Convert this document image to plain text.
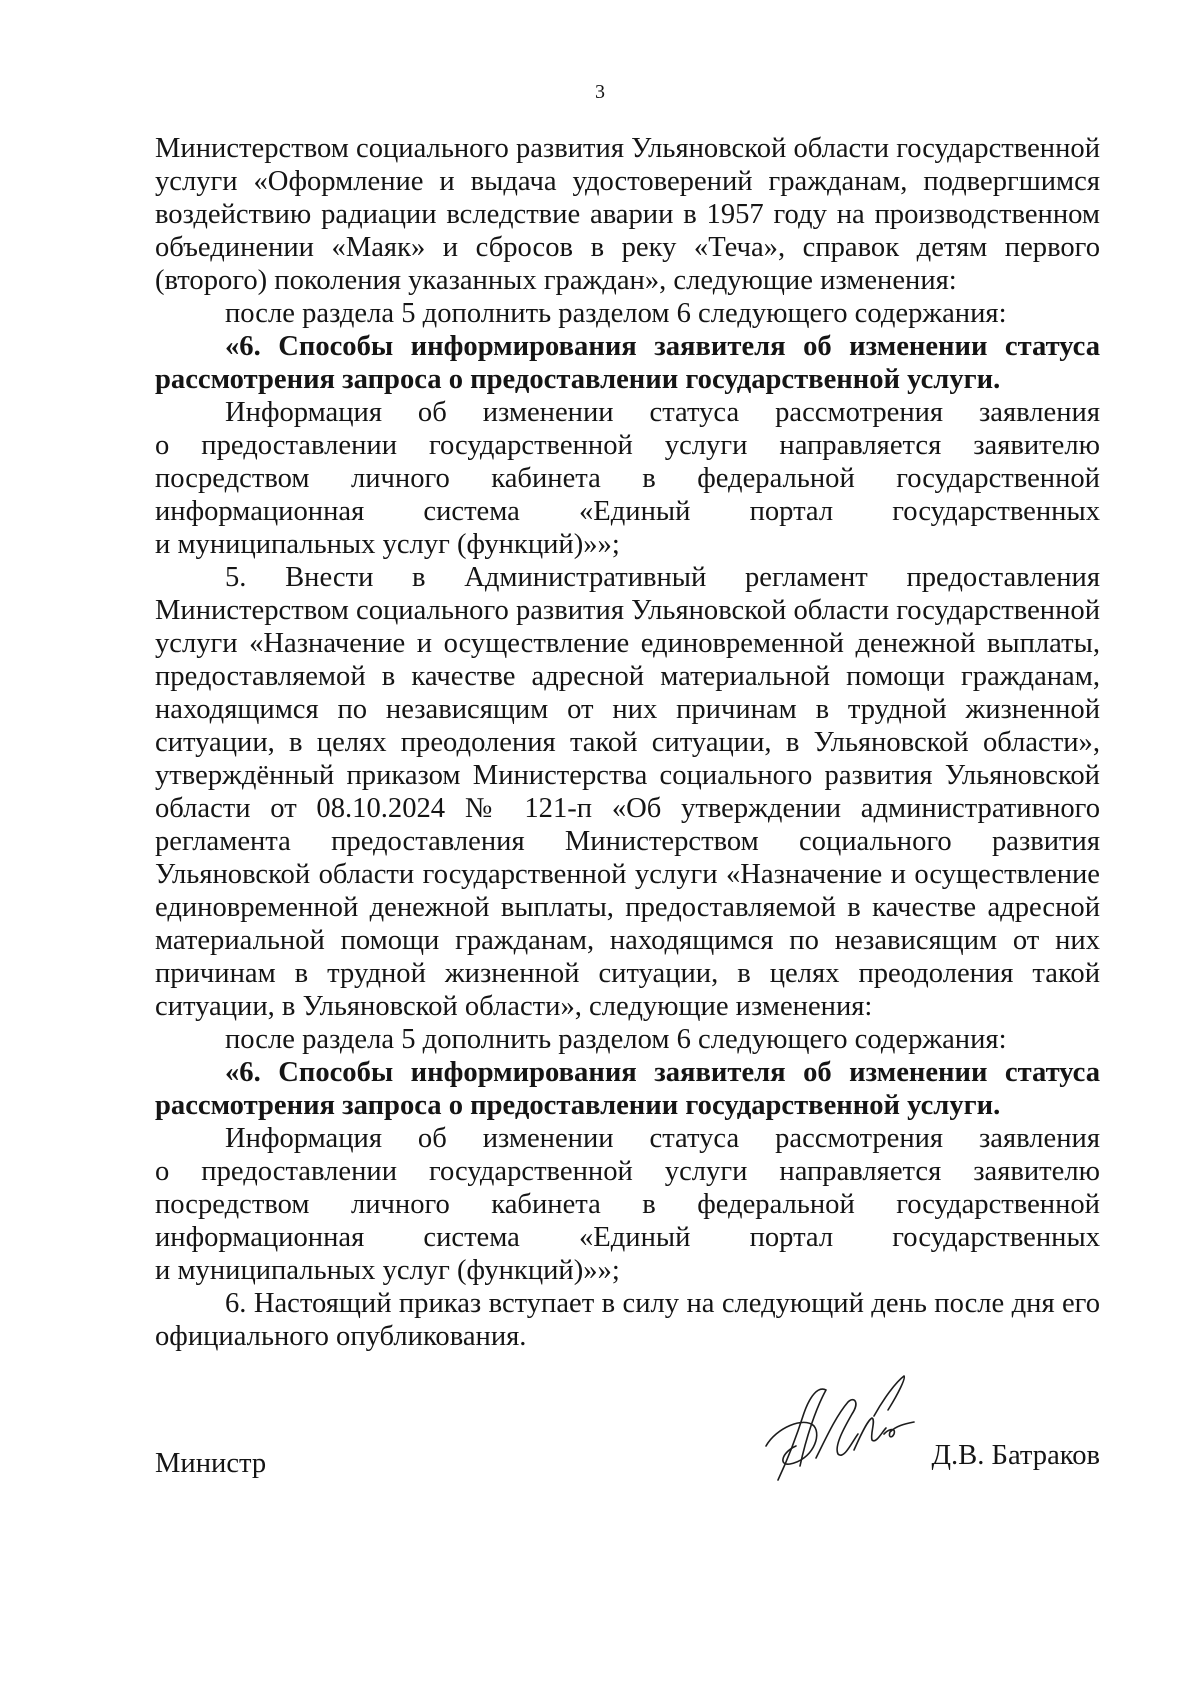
3
Министерством социального развития Ульяновской области государственной
услуги «Оформление и выдача удостоверений гражданам, подвергшимся
воздействию радиации вследствие аварии в 1957 году на производственном
объединении «Маяк» и сбросов в реку «Теча», справок детям первого
(второго) поколения указанных граждан», следующие изменения:
после раздела 5 дополнить разделом 6 следующего содержания:
«6. Способы информирования заявителя об изменении статуса
рассмотрения запроса о предоставлении государственной услуги.
Информация об изменении статуса рассмотрения заявления
о предоставлении государственной услуги направляется заявителю
посредством личного кабинета в федеральной государственной
информационная система «Единый портал государственных
и муниципальных услуг (функций)»»;
5. Внести в Административный регламент предоставления
Министерством социального развития Ульяновской области государственной
услуги «Назначение и осуществление единовременной денежной выплаты,
предоставляемой в качестве адресной материальной помощи гражданам,
находящимся по независящим от них причинам в трудной жизненной
ситуации, в целях преодоления такой ситуации, в Ульяновской области»,
утверждённый приказом Министерства социального развития Ульяновской
области от 08.10.2024 № 121-п «Об утверждении административного
регламента предоставления Министерством социального развития
Ульяновской области государственной услуги «Назначение и осуществление
единовременной денежной выплаты, предоставляемой в качестве адресной
материальной помощи гражданам, находящимся по независящим от них
причинам в трудной жизненной ситуации, в целях преодоления такой
ситуации, в Ульяновской области», следующие изменения:
после раздела 5 дополнить разделом 6 следующего содержания:
«6. Способы информирования заявителя об изменении статуса
рассмотрения запроса о предоставлении государственной услуги.
Информация об изменении статуса рассмотрения заявления
о предоставлении государственной услуги направляется заявителю
посредством личного кабинета в федеральной государственной
информационная система «Единый портал государственных
и муниципальных услуг (функций)»»;
6. Настоящий приказ вступает в силу на следующий день после дня его
официального опубликования.
Министр	Д.В. Батраков
